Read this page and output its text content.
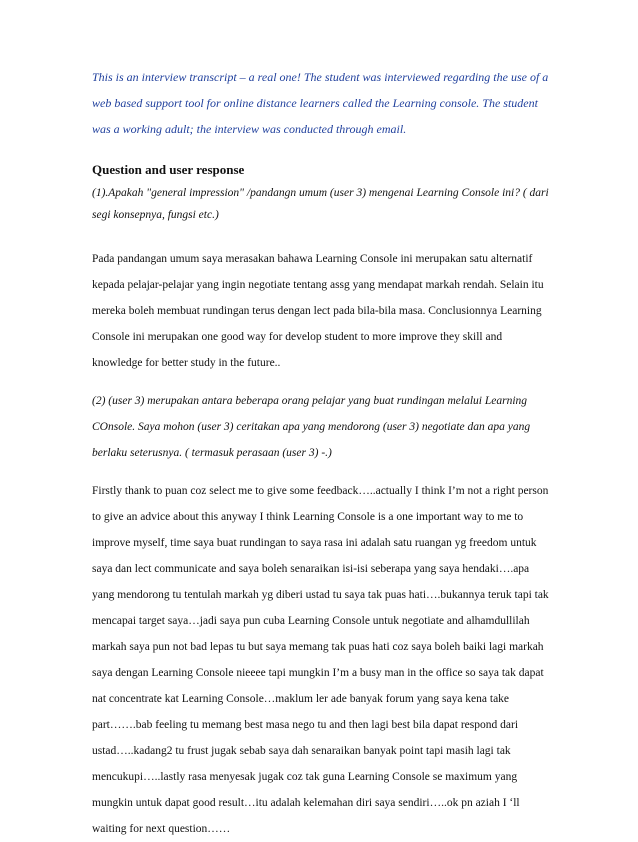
This is an interview transcript – a real one! The student was interviewed regarding the use of a web based support tool for online distance learners called the Learning console. The student was a working adult; the interview was conducted through email.

Question and user response

(1).Apakah "general impression" /pandangn umum (user 3) mengenai Learning Console ini? ( dari segi konsepnya, fungsi etc.)

Pada pandangan umum saya merasakan bahawa Learning Console ini merupakan satu alternatif kepada pelajar-pelajar yang ingin negotiate tentang assg yang mendapat markah rendah. Selain itu mereka boleh membuat rundingan terus dengan lect pada bila-bila masa. Conclusionnya Learning Console ini merupakan one good way for develop student to more improve they skill and knowledge for better study in the future..

(2) (user 3) merupakan antara beberapa orang pelajar yang buat rundingan melalui Learning COnsole. Saya mohon (user 3) ceritakan apa yang mendorong (user 3) negotiate dan apa yang berlaku seterusnya. ( termasuk perasaan (user 3) -.)

Firstly thank to puan coz select me to give some feedback…..actually I think I’m not a right person to give an advice about this anyway I think Learning Console is a one important way to me to improve myself, time saya buat rundingan to saya rasa ini adalah satu ruangan yg freedom untuk saya dan lect communicate and saya boleh senaraikan isi-isi seberapa yang saya hendaki….apa yang mendorong tu tentulah markah yg diberi ustad tu saya tak puas hati….bukannya teruk tapi tak mencapai target saya…jadi saya pun cuba Learning Console untuk negotiate and alhamdullilah markah saya pun not bad lepas tu but saya memang tak puas hati coz saya boleh baiki lagi markah saya dengan Learning Console nieeee tapi mungkin I’m a busy man in the office so saya tak dapat nat concentrate kat Learning Console…maklum ler ade banyak forum yang saya kena take part…….bab feeling tu memang best masa nego tu and then lagi best bila dapat respond dari ustad…..kadang2 tu frust jugak sebab saya dah senaraikan banyak point tapi masih lagi tak mencukupi…..lastly rasa menyesak jugak coz tak guna Learning Console se maximum yang mungkin untuk dapat good result…itu adalah kelemahan diri saya sendiri…..ok pn aziah I ‘ll waiting for next question……
